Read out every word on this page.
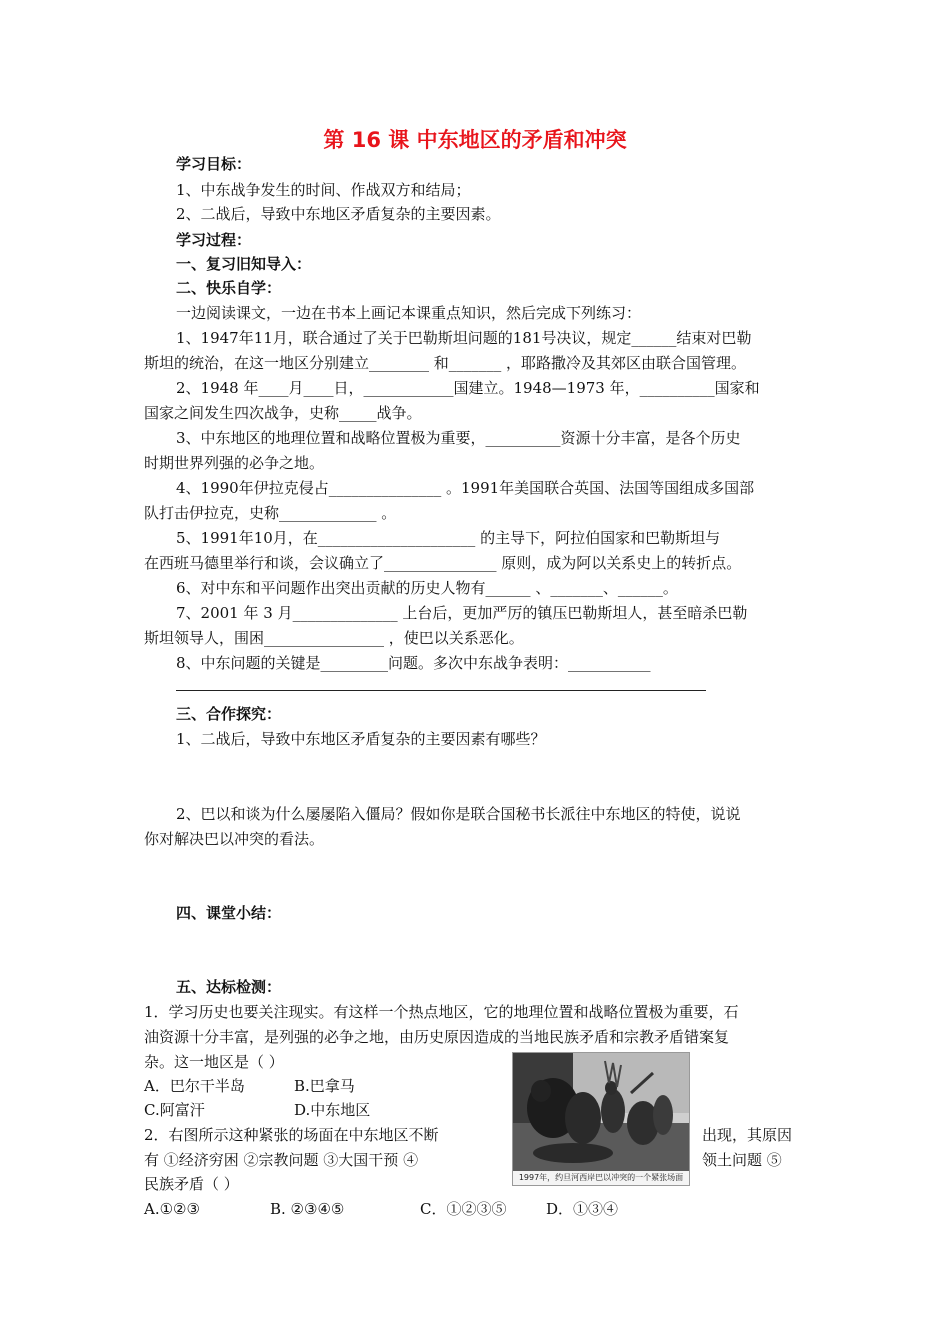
第 16 课 中东地区的矛盾和冲突
学习目标：
1、中东战争发生的时间、作战双方和结局；
2、二战后，导致中东地区矛盾复杂的主要因素。
学习过程：
一、复习旧知导入：
二、快乐自学：
一边阅读课文，一边在书本上画记本课重点知识，然后完成下列练习：
1、1947年11月，联合通过了关于巴勒斯坦问题的181号决议，规定______结束对巴勒
斯坦的统治，在这一地区分别建立________ 和_______ ，耶路撒冷及其郊区由联合国管理。
2、1948 年____月____日，____________国建立。1948—1973 年，__________国家和
国家之间发生四次战争，史称_____战争。
3、中东地区的地理位置和战略位置极为重要，__________资源十分丰富，是各个历史
时期世界列强的必争之地。
4、1990年伊拉克侵占_______________ 。1991年美国联合英国、法国等国组成多国部
队打击伊拉克，史称_____________ 。
5、1991年10月，在_____________________ 的主导下，阿拉伯国家和巴勒斯坦与
在西班马德里举行和谈，会议确立了_______________ 原则，成为阿以关系史上的转折点。
6、对中东和平问题作出突出贡献的历史人物有______ 、_______、______。
7、2001 年 3 月______________ 上台后，更加严厉的镇压巴勒斯坦人，甚至暗杀巴勒
斯坦领导人，围困________________ ，使巴以关系恶化。
8、中东问题的关键是_________问题。多次中东战争表明：___________
三、合作探究：
1、二战后，导致中东地区矛盾复杂的主要因素有哪些？
2、巴以和谈为什么屡屡陷入僵局？假如你是联合国秘书长派往中东地区的特使，说说
你对解决巴以冲突的看法。
四、课堂小结：
五、达标检测：
1．学习历史也要关注现实。有这样一个热点地区，它的地理位置和战略位置极为重要，石
油资源十分丰富，是列强的必争之地，由历史原因造成的当地民族矛盾和宗教矛盾错案复
杂。这一地区是（ ）
A．巴尔干半岛	B.巴拿马
C.阿富汗	D.中东地区
2．右图所示这种紧张的场面在中东地区不断	出现，其原因
有 ①经济穷困 ②宗教问题 ③大国干预 ④	领土问题 ⑤
民族矛盾（ ）
A.①②③	B. ②③④⑤	C．①②③⑤	D．①③④
1997年，约旦河西岸巴以冲突的一个紧张场面
